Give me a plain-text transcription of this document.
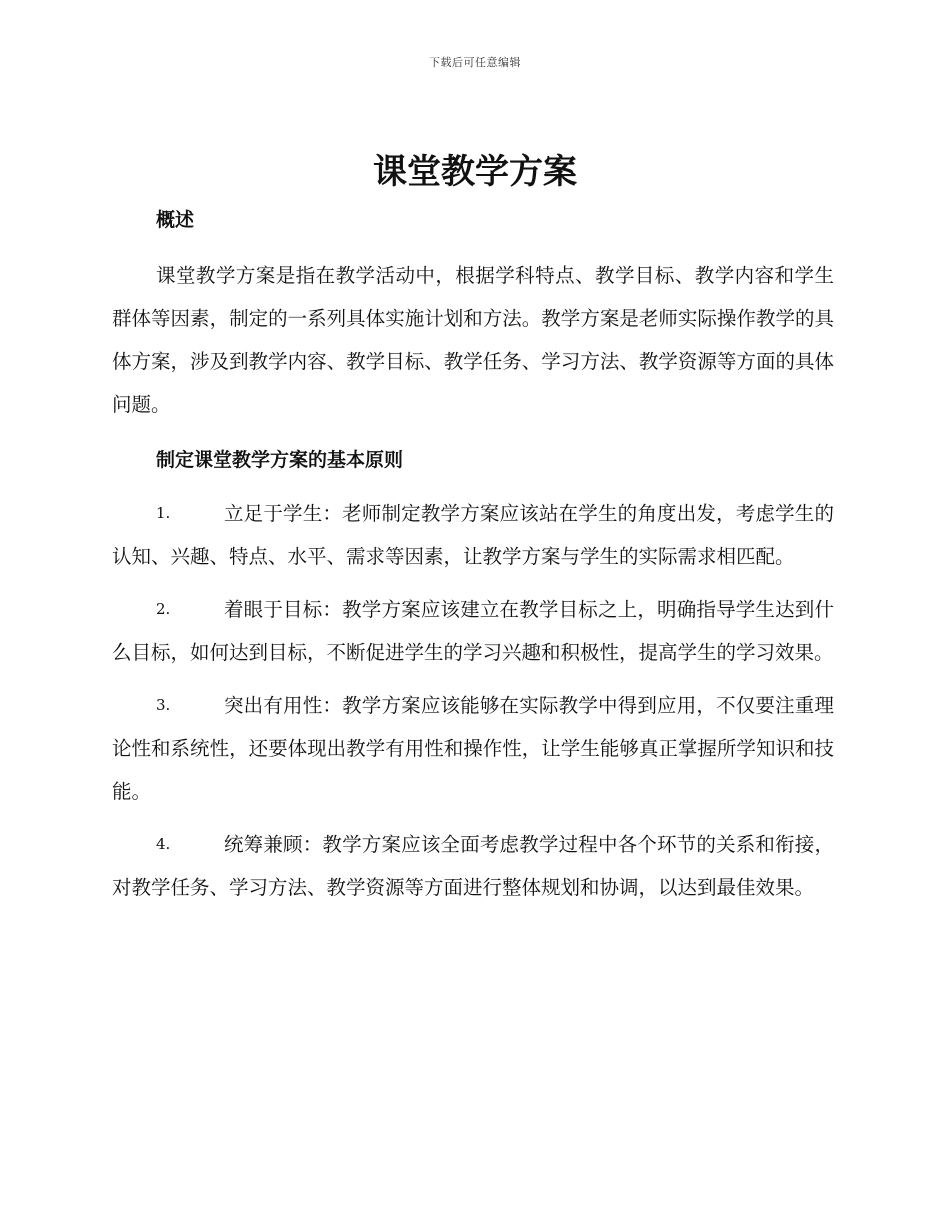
下载后可任意编辑
课堂教学方案
概述

课堂教学方案是指在教学活动中，根据学科特点、教学目标、教学内容和学生群体等因素，制定的一系列具体实施计划和方法。教学方案是老师实际操作教学的具体方案，涉及到教学内容、教学目标、教学任务、学习方法、教学资源等方面的具体问题。

制定课堂教学方案的基本原则
1.	立足于学生：老师制定教学方案应该站在学生的角度出发，考虑学生的认知、兴趣、特点、水平、需求等因素，让教学方案与学生的实际需求相匹配。
2.	着眼于目标：教学方案应该建立在教学目标之上，明确指导学生达到什么目标，如何达到目标，不断促进学生的学习兴趣和积极性，提高学生的学习效果。
3.	突出有用性：教学方案应该能够在实际教学中得到应用，不仅要注重理论性和系统性，还要体现出教学有用性和操作性，让学生能够真正掌握所学知识和技能。
4.	统筹兼顾：教学方案应该全面考虑教学过程中各个环节的关系和衔接，对教学任务、学习方法、教学资源等方面进行整体规划和协调，以达到最佳效果。
